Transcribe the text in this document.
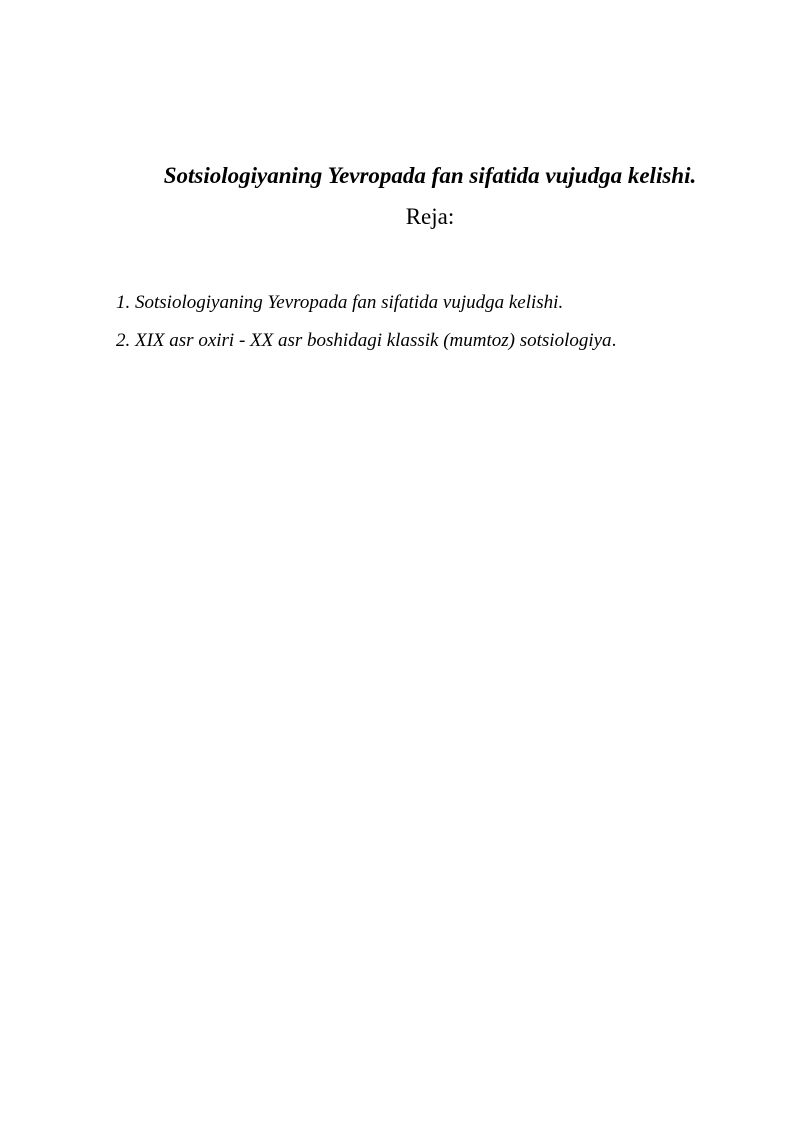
Sotsiologiyaning Yevropada fan sifatida vujudga kelishi.
Reja:
1. Sotsiologiyaning Yevropada fan sifatida vujudga kelishi.
2. XIX asr oxiri - XX asr boshidagi klassik (mumtoz) sotsiologiya.
